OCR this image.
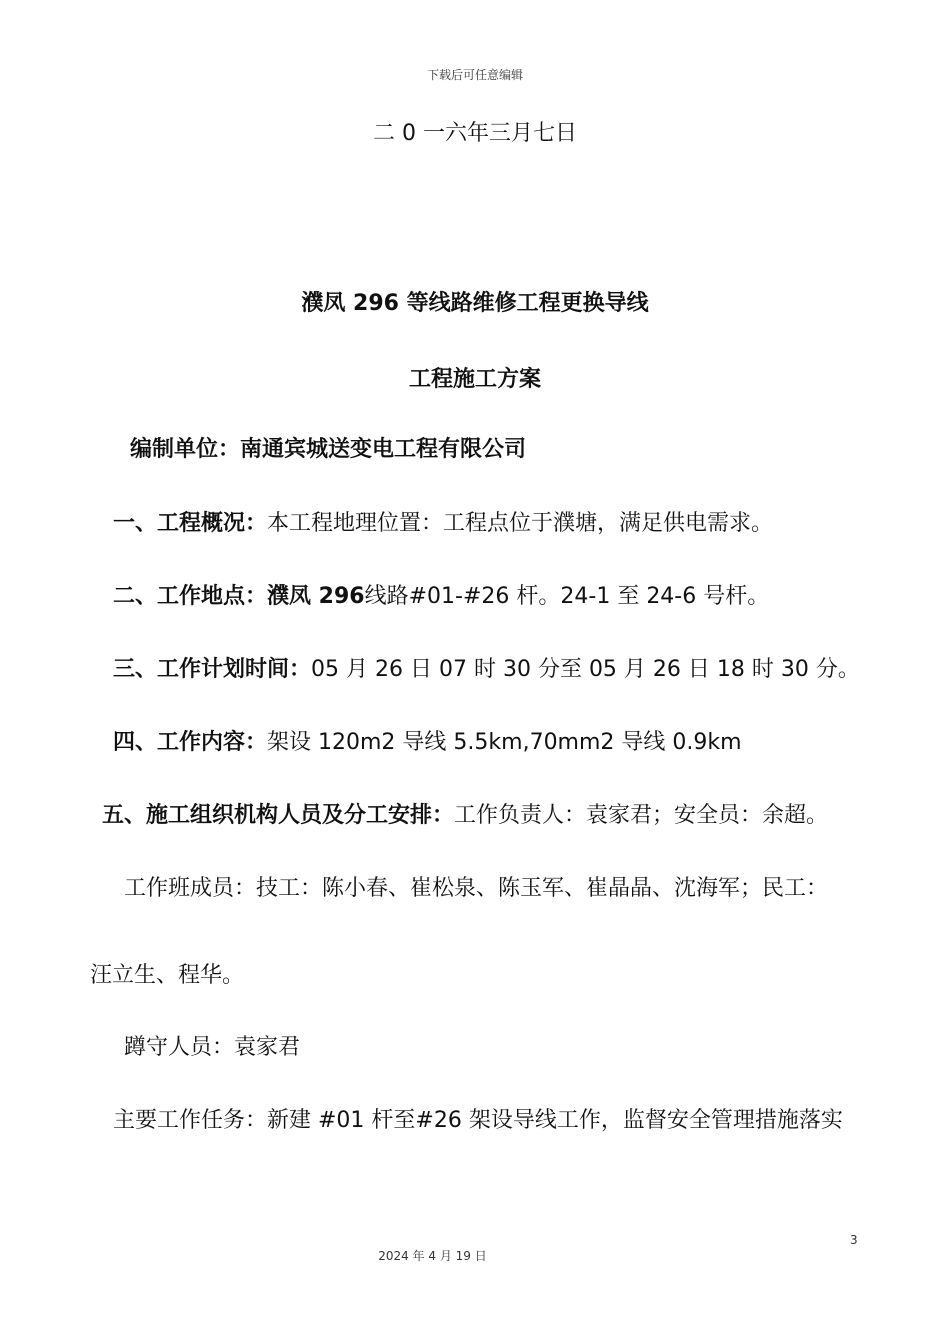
下载后可任意编辑
二 0 一六年三月七日
濮凤 296 等线路维修工程更换导线
工程施工方案
编制单位：南通宾城送变电工程有限公司
一、工程概况：本工程地理位置：工程点位于濮塘，满足供电需求。
二、工作地点：濮凤 296线路#01-#26 杆。24-1 至 24-6 号杆。
三、工作计划时间：05 月 26 日 07 时 30 分至 05 月 26 日 18 时 30 分。
四、工作内容：架设 120m2 导线 5.5km,70mm2 导线 0.9km
五、施工组织机构人员及分工安排：工作负责人：袁家君；安全员：余超。
工作班成员：技工：陈小春、崔松泉、陈玉军、崔晶晶、沈海军；民工：
汪立生、程华。
蹲守人员：袁家君
主要工作任务：新建 #01 杆至#26 架设导线工作，监督安全管理措施落实
3
2024 年 4 月 19 日
